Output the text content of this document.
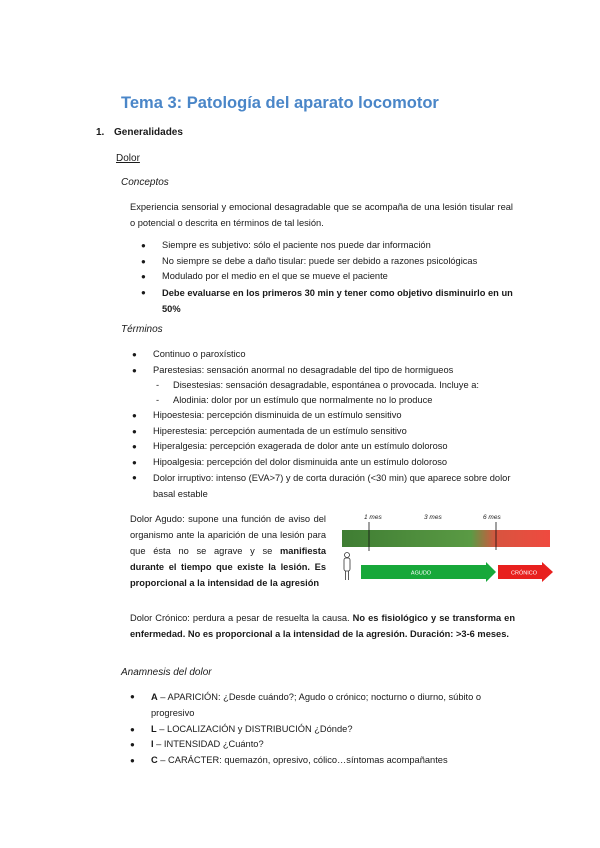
Tema 3: Patología del aparato locomotor
1. Generalidades
Dolor
Conceptos

Experiencia sensorial y emocional desagradable que se acompaña de una lesión tisular real o potencial o descrita en términos de tal lesión.

● Siempre es subjetivo: sólo el paciente nos puede dar información
● No siempre se debe a daño tisular: puede ser debido a razones psicológicas
● Modulado por el medio en el que se mueve el paciente
● Debe evaluarse en los primeros 30 min y tener como objetivo disminuirlo en un 50%
Términos
● Continuo o paroxístico
● Parestesias: sensación anormal no desagradable del tipo de hormigueos
- Disestesias: sensación desagradable, espontánea o provocada. Incluye a:
- Alodinia: dolor por un estímulo que normalmente no lo produce
● Hipoestesia: percepción disminuida de un estímulo sensitivo
● Hiperestesia: percepción aumentada de un estímulo sensitivo
● Hiperalgesia: percepción exagerada de dolor ante un estímulo doloroso
● Hipoalgesia: percepción del dolor disminuida ante un estímulo doloroso
● Dolor irruptivo: intenso (EVA>7) y de corta duración (<30 min) que aparece sobre dolor basal estable

Dolor Agudo: supone una función de aviso del organismo ante la aparición de una lesión para que ésta no se agrave y se manifiesta durante el tiempo que existe la lesión. Es proporcional a la intensidad de la agresión

1 mes	3 mes	6 mes
AGUDO	CRÓNICO

Dolor Crónico: perdura a pesar de resuelta la causa. No es fisiológico y se transforma en enfermedad. No es proporcional a la intensidad de la agresión. Duración: >3-6 meses.

Anamnesis del dolor
● A – APARICIÓN: ¿Desde cuándo?; Agudo o crónico; nocturno o diurno, súbito o progresivo
● L – LOCALIZACIÓN y DISTRIBUCIÓN ¿Dónde?
● I – INTENSIDAD ¿Cuánto?
● C – CARÁCTER: quemazón, opresivo, cólico…síntomas acompañantes
